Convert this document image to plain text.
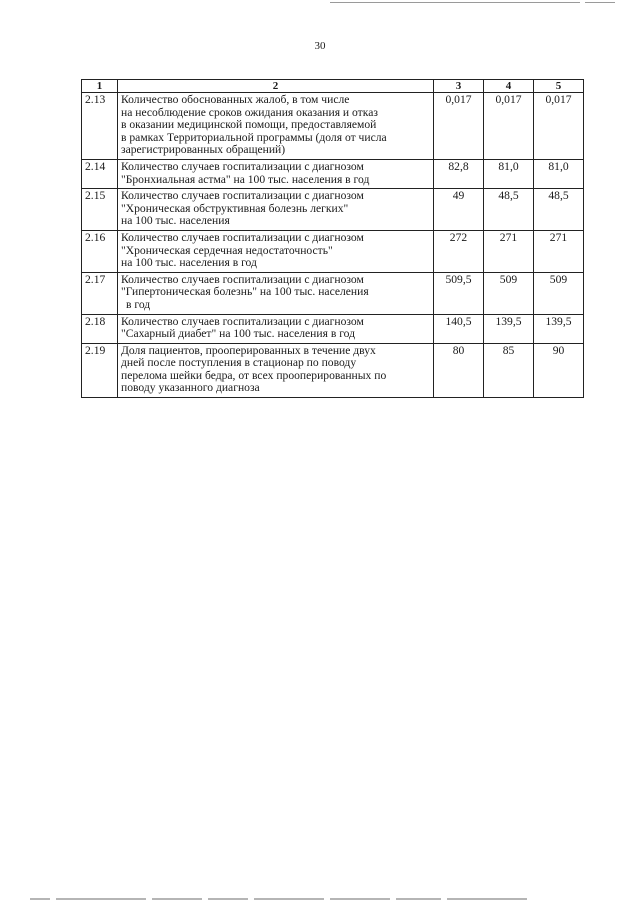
30
1	2	3	4	5
2.13	Количество обоснованных жалоб, в том числе
на несоблюдение сроков ожидания оказания и отказ
в оказании медицинской помощи, предоставляемой
в рамках Территориальной программы (доля от числа
зарегистрированных обращений)	0,017	0,017	0,017
2.14	Количество случаев госпитализации с диагнозом
"Бронхиальная астма" на 100 тыс. населения в год	82,8	81,0	81,0
2.15	Количество случаев госпитализации с диагнозом
"Хроническая обструктивная болезнь легких"
на 100 тыс. населения	49	48,5	48,5
2.16	Количество случаев госпитализации с диагнозом
"Хроническая сердечная недостаточность"
на 100 тыс. населения в год	272	271	271
2.17	Количество случаев госпитализации с диагнозом
"Гипертоническая болезнь" на 100 тыс. населения
в год	509,5	509	509
2.18	Количество случаев госпитализации с диагнозом
"Сахарный диабет" на 100 тыс. населения в год	140,5	139,5	139,5
2.19	Доля пациентов, прооперированных в течение двух
дней после поступления в стационар по поводу
перелома шейки бедра, от всех прооперированных по
поводу указанного диагноза	80	85	90
